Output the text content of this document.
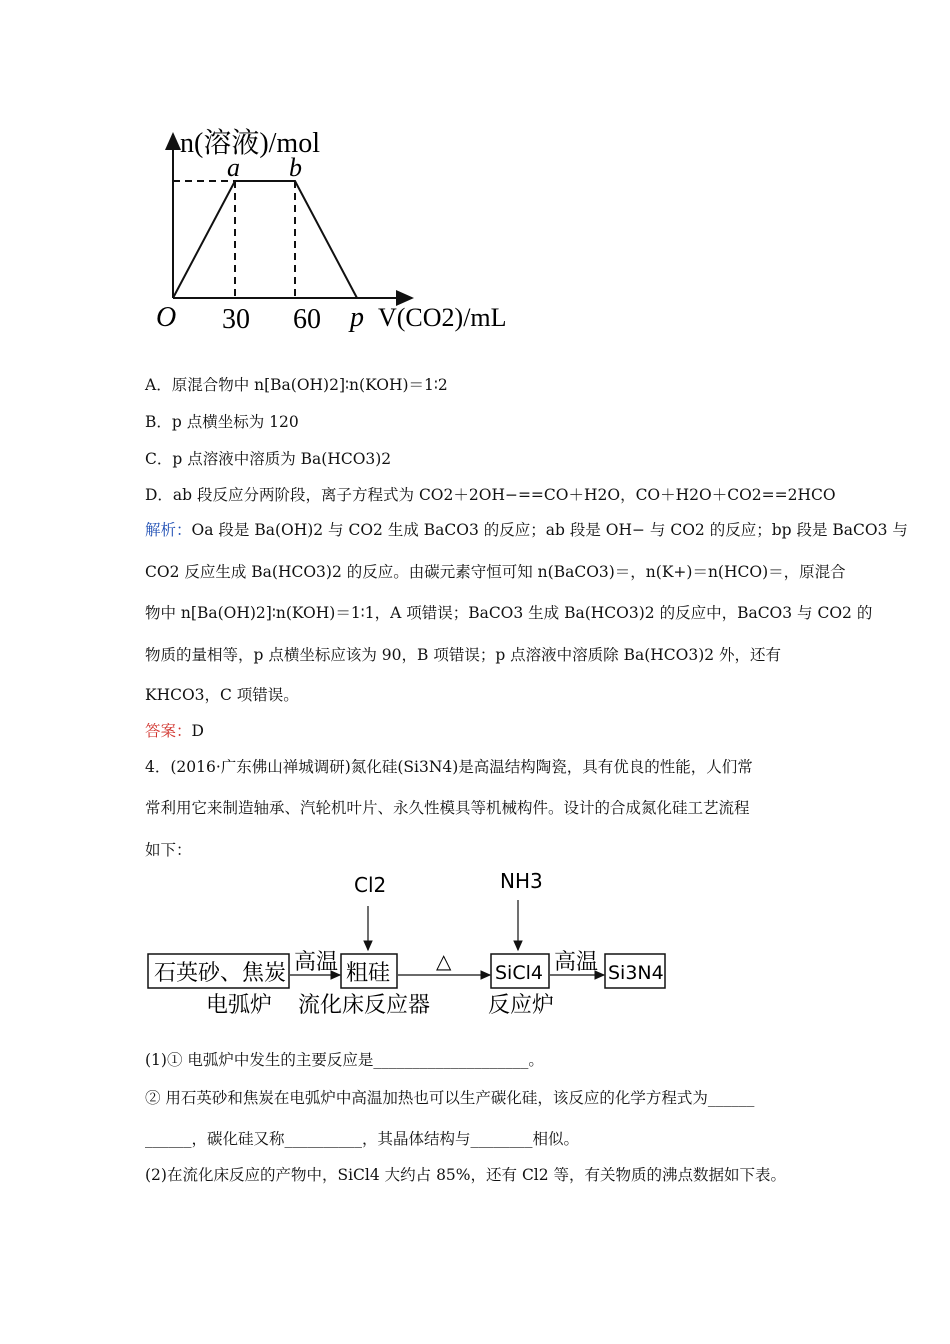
n(溶液)/mol
a b
O 30 60 p V(CO2)/mL
A．原混合物中 n[Ba(OH)2]∶n(KOH)＝1∶2
B．p 点横坐标为 120
C．p 点溶液中溶质为 Ba(HCO3)2
D．ab 段反应分两阶段，离子方程式为 CO2＋2OH−==CO＋H2O，CO＋H2O＋CO2==2HCO
解析：Oa 段是 Ba(OH)2 与 CO2 生成 BaCO3 的反应；ab 段是 OH− 与 CO2 的反应；bp 段是 BaCO3 与
CO2 反应生成 Ba(HCO3)2 的反应。由碳元素守恒可知 n(BaCO3)＝，n(K+)＝n(HCO)＝，原混合
物中 n[Ba(OH)2]∶n(KOH)＝1∶1，A 项错误；BaCO3 生成 Ba(HCO3)2 的反应中，BaCO3 与 CO2 的
物质的量相等，p 点横坐标应该为 90，B 项错误；p 点溶液中溶质除 Ba(HCO3)2 外，还有
KHCO3，C 项错误。
答案：D
4．(2016·广东佛山禅城调研)氮化硅(Si3N4)是高温结构陶瓷，具有优良的性能，人们常
常利用它来制造轴承、汽轮机叶片、永久性模具等机械构件。设计的合成氮化硅工艺流程
如下：
石英砂、焦炭
电弧炉
高温
Cl2
粗硅
流化床反应器
△
NH3
SiCl4
反应炉
高温 Si3N4
(1)① 电弧炉中发生的主要反应是____________________。
② 用石英砂和焦炭在电弧炉中高温加热也可以生产碳化硅，该反应的化学方程式为______
______，碳化硅又称__________，其晶体结构与________相似。
(2)在流化床反应的产物中，SiCl4 大约占 85%，还有 Cl2 等，有关物质的沸点数据如下表。
